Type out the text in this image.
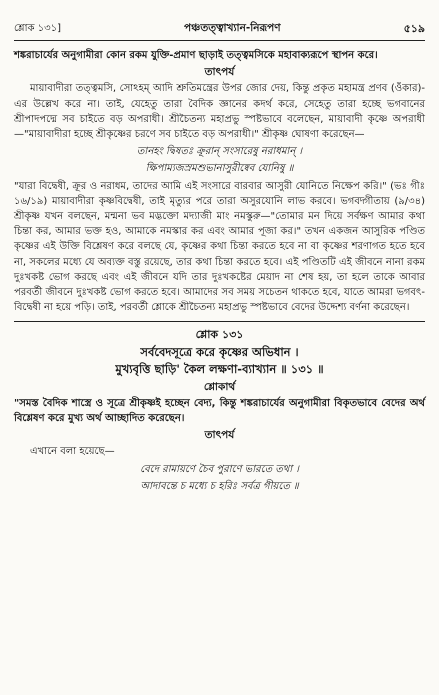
শ্লোক ১৩১]	পঞ্চতত্ত্বাখ্যান-নিরূপণ	৫১৯

শঙ্করাচার্যের অনুগামীরা কোন রকম যুক্তি-প্রমাণ ছাড়াই তত্ত্বমসিকে মহাবাক্যরূপে স্থাপন করে।

তাৎপর্য

মায়াবাদীরা তত্ত্বমসি, সোঽহম্‌ আদি শ্রুতিমন্ত্রের উপর জোর দেয়, কিন্তু প্রকৃত মহামন্ত্র প্রণব (ওঁকার)-এর উল্লেখ করে না। তাই, যেহেতু তারা বৈদিক জ্ঞানের কদর্থ করে, সেহেতু তারা হচ্ছে ভগবানের শ্রীপাদপদ্মে সব চাইতে বড় অপরাধী। শ্রীচৈতন্য মহাপ্রভু স্পষ্টভাবে বলেছেন, মায়াবাদী কৃষ্ণে অপরাধী—"মায়াবাদীরা হচ্ছে শ্রীকৃষ্ণের চরণে সব চাইতে বড় অপরাধী।" শ্রীকৃষ্ণ ঘোষণা করেছেন—

তানহং দ্বিষতঃ ক্রূরান্‌ সংসারেষু নরাধমান্‌ ।
ক্ষিপাম্যজস্রমশুভানাসুরীষ্বেব যোনিষু ॥

"যারা বিদ্বেষী, ক্রূর ও নরাধম, তাদের আমি এই সংসারে বারবার আসুরী যোনিতে নিক্ষেপ করি।" (ভঃ গীঃ ১৬/১৯) মায়াবাদীরা কৃষ্ণবিদ্বেষী, তাই মৃত্যুর পরে তারা অসুরযোনি লাভ করবে। ভগবদ্গীতায় (৯/৩৪) শ্রীকৃষ্ণ যখন বলছেন, মন্মনা ভব মদ্ভক্তো মদ্যাজী মাং নমস্কুরু—"তোমার মন দিয়ে সর্বক্ষণ আমার কথা চিন্তা কর, আমার ভক্ত হও, আমাকে নমস্কার কর এবং আমার পূজা কর।" তখন একজন আসুরিক পণ্ডিত কৃষ্ণের এই উক্তি বিশ্লেষণ করে বলছে যে, কৃষ্ণের কথা চিন্তা করতে হবে না বা কৃষ্ণের শরণাগত হতে হবে না, সকলের মধ্যে যে অব্যক্ত বস্তু রয়েছে, তার কথা চিন্তা করতে হবে। এই পণ্ডিতটি এই জীবনে নানা রকম দুঃখকষ্ট ভোগ করছে এবং এই জীবনে যদি তার দুঃখকষ্টের মেয়াদ না শেষ হয়, তা হলে তাকে আবার পরবর্তী জীবনে দুঃখকষ্ট ভোগ করতে হবে। আমাদের সব সময় সচেতন থাকতে হবে, যাতে আমরা ভগবৎ-বিদ্বেষী না হয়ে পড়ি। তাই, পরবর্তী শ্লোকে শ্রীচৈতন্য মহাপ্রভু স্পষ্টভাবে বেদের উদ্দেশ্য বর্ণনা করেছেন।

শ্লোক ১৩১
সর্ববেদসূত্রে করে কৃষ্ণের অভিধান ।
মুখ্যবৃত্তি ছাড়ি' কৈল লক্ষণা-ব্যাখ্যান ॥ ১৩১ ॥
শ্লোকার্থ

"সমস্ত বৈদিক শাস্ত্রে ও সূত্রে শ্রীকৃষ্ণই হচ্ছেন বেদ্য, কিন্তু শঙ্করাচার্যের অনুগামীরা বিকৃতভাবে বেদের অর্থ বিশ্লেষণ করে মুখ্য অর্থ আচ্ছাদিত করেছেন।

তাৎপর্য

এখানে বলা হয়েছে—

বেদে রামায়ণে চৈব পুরাণে ভারতে তথা ।
আদাবন্তে চ মধ্যে চ হরিঃ সর্বত্র গীয়তে ॥
